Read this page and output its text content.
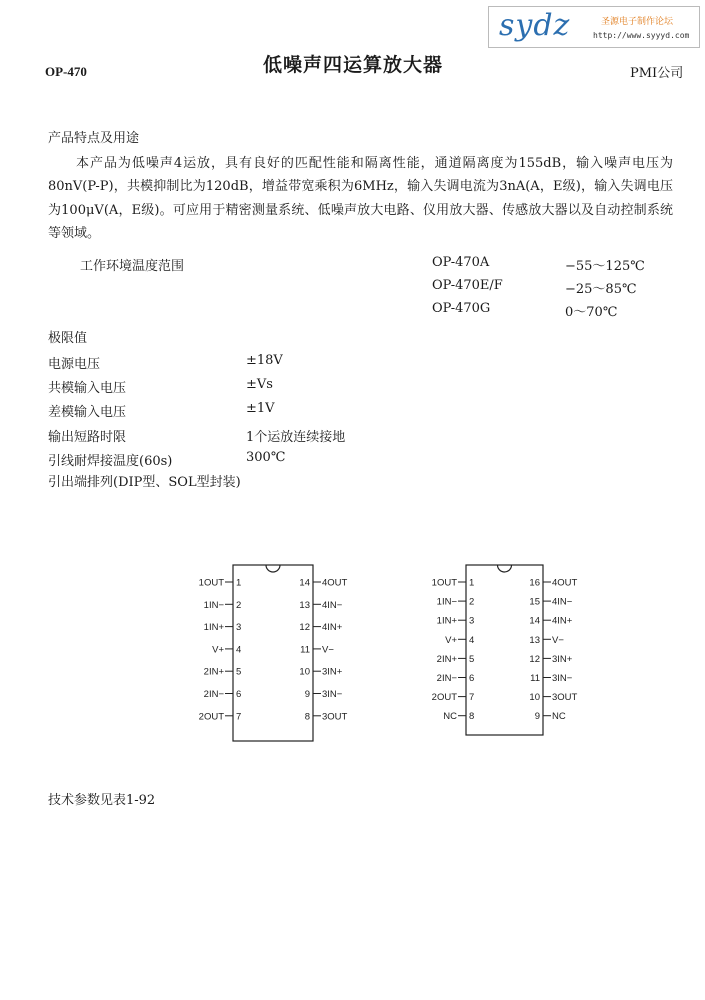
sydz	圣源电子制作论坛
http://www.syyyd.com
OP-470	低噪声四运算放大器	PMI公司
产品特点及用途
本产品为低噪声4运放，具有良好的匹配性能和隔离性能，通道隔离度为155dB，输入噪声电压为80nV(P-P)，共模抑制比为120dB，增益带宽乘积为6MHz，输入失调电流为3nA(A，E级)，输入失调电压为100μV(A，E级)。可应用于精密测量系统、低噪声放大电路、仪用放大器、传感放大器以及自动控制系统等领域。
工作环境温度范围	OP-470A	−55～125℃
OP-470E/F	−25～85℃
OP-470G	0～70℃
极限值
电源电压	±18V
共模输入电压	±Vs
差模输入电压	±1V
输出短路时限	1个运放连续接地
引线耐焊接温度(60s)	300℃
引出端排列(DIP型、SOL型封装)
1OUT 1
1IN− 2
1IN+ 3
V+ 4
2IN+ 5
2IN− 6
2OUT 7
14 4OUT
13 4IN−
12 4IN+
11 V−
10 3IN+
9 3IN−
8 3OUT
1OUT 1
1IN− 2
1IN+ 3
V+ 4
2IN+ 5
2IN− 6
2OUT 7
NC 8
16 4OUT
15 4IN−
14 4IN+
13 V−
12 3IN+
11 3IN−
10 3OUT
9 NC
技术参数见表1-92
